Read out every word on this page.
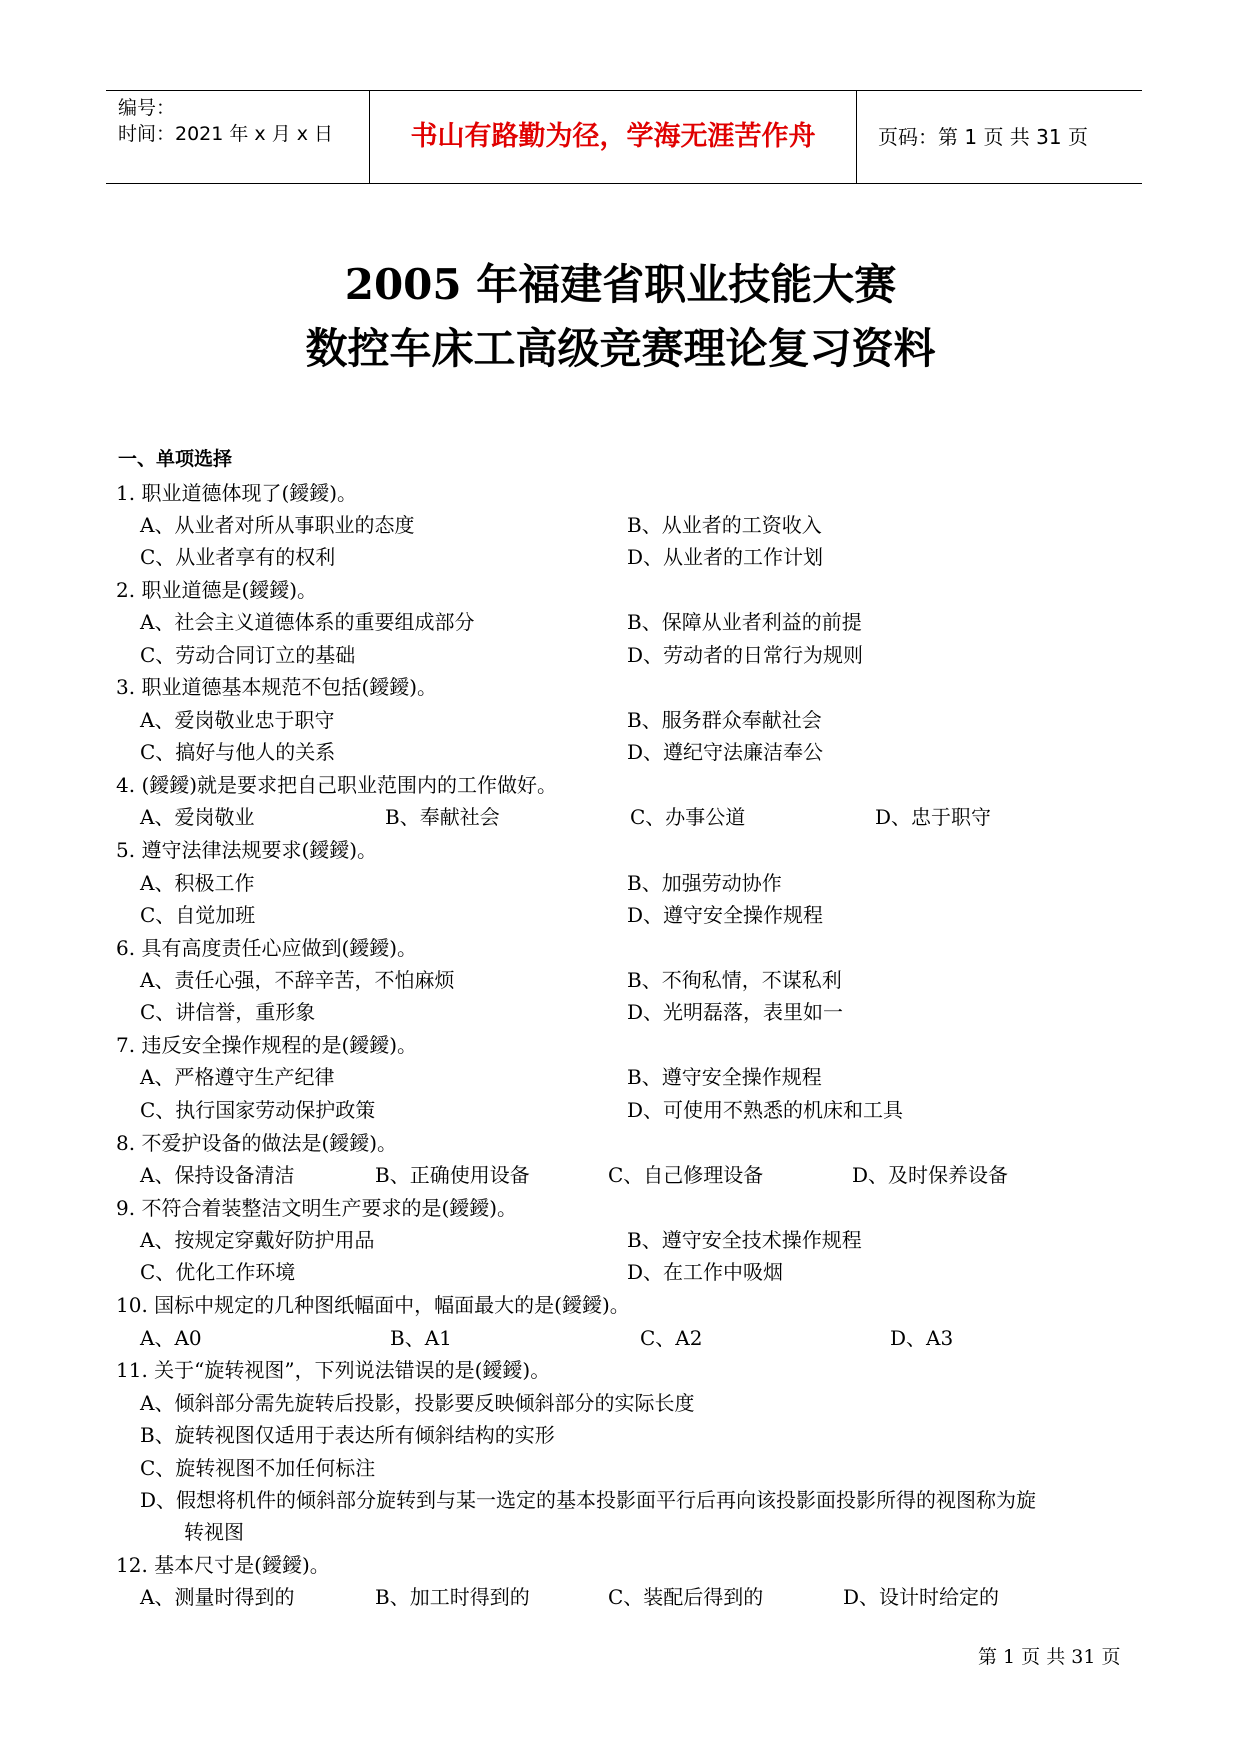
编号：
时间：2021 年 x 月 x 日	书山有路勤为径，学海无涯苦作舟	页码：第 1 页 共 31 页
2005 年福建省职业技能大赛
数控车床工高级竞赛理论复习资料
一、单项选择
1. 职业道德体现了(鑀鑀)。
A、从业者对所从事职业的态度	B、从业者的工资收入
C、从业者享有的权利	D、从业者的工作计划
2. 职业道德是(鑀鑀)。
A、社会主义道德体系的重要组成部分	B、保障从业者利益的前提
C、劳动合同订立的基础	D、劳动者的日常行为规则
3. 职业道德基本规范不包括(鑀鑀)。
A、爱岗敬业忠于职守	B、服务群众奉献社会
C、搞好与他人的关系	D、遵纪守法廉洁奉公
4. (鑀鑀)就是要求把自己职业范围内的工作做好。
A、爱岗敬业	B、奉献社会	C、办事公道	D、忠于职守
5. 遵守法律法规要求(鑀鑀)。
A、积极工作	B、加强劳动协作
C、自觉加班	D、遵守安全操作规程
6. 具有高度责任心应做到(鑀鑀)。
A、责任心强，不辞辛苦，不怕麻烦	B、不徇私情，不谋私利
C、讲信誉，重形象	D、光明磊落，表里如一
7. 违反安全操作规程的是(鑀鑀)。
A、严格遵守生产纪律	B、遵守安全操作规程
C、执行国家劳动保护政策	D、可使用不熟悉的机床和工具
8. 不爱护设备的做法是(鑀鑀)。
A、保持设备清洁	B、正确使用设备	C、自己修理设备	D、及时保养设备
9. 不符合着装整洁文明生产要求的是(鑀鑀)。
A、按规定穿戴好防护用品	B、遵守安全技术操作规程
C、优化工作环境	D、在工作中吸烟
10. 国标中规定的几种图纸幅面中，幅面最大的是(鑀鑀)。
A、A0	B、A1	C、A2	D、A3
11. 关于“旋转视图”，下列说法错误的是(鑀鑀)。
A、倾斜部分需先旋转后投影，投影要反映倾斜部分的实际长度
B、旋转视图仅适用于表达所有倾斜结构的实形
C、旋转视图不加任何标注
D、假想将机件的倾斜部分旋转到与某一选定的基本投影面平行后再向该投影面投影所得的视图称为旋
转视图
12. 基本尺寸是(鑀鑀)。
A、测量时得到的	B、加工时得到的	C、装配后得到的	D、设计时给定的
第 1 页 共 31 页
